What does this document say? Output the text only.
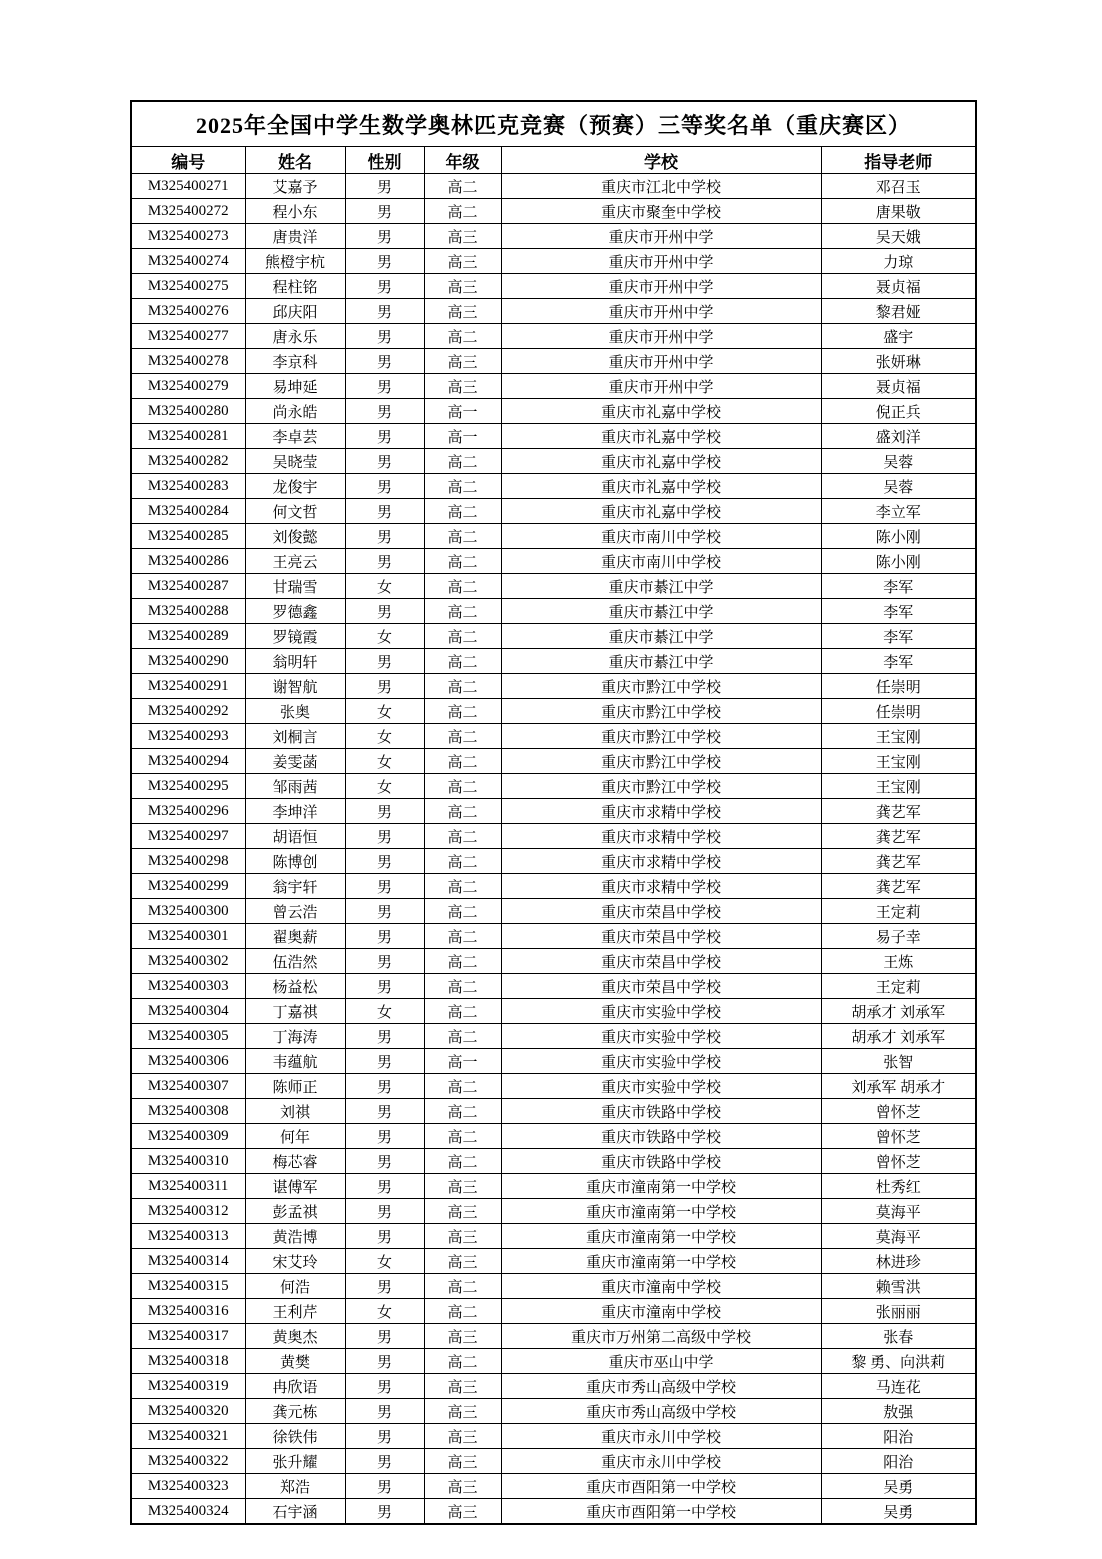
2025年全国中学生数学奥林匹克竞赛（预赛）三等奖名单（重庆赛区）					
编号	姓名	性别	年级	学校	指导老师
M325400271	艾嘉予	男	高二	重庆市江北中学校	邓召玉
M325400272	程小东	男	高二	重庆市聚奎中学校	唐果敬
M325400273	唐贵洋	男	高三	重庆市开州中学	吴天娥
M325400274	熊橙宇杭	男	高三	重庆市开州中学	力琼
M325400275	程柱铭	男	高三	重庆市开州中学	聂贞福
M325400276	邱庆阳	男	高三	重庆市开州中学	黎君娅
M325400277	唐永乐	男	高二	重庆市开州中学	盛宇
M325400278	李京科	男	高三	重庆市开州中学	张妍琳
M325400279	易坤延	男	高三	重庆市开州中学	聂贞福
M325400280	尚永皓	男	高一	重庆市礼嘉中学校	倪正兵
M325400281	李卓芸	男	高一	重庆市礼嘉中学校	盛刘洋
M325400282	吴晓莹	男	高二	重庆市礼嘉中学校	吴蓉
M325400283	龙俊宇	男	高二	重庆市礼嘉中学校	吴蓉
M325400284	何文哲	男	高二	重庆市礼嘉中学校	李立军
M325400285	刘俊懿	男	高二	重庆市南川中学校	陈小刚
M325400286	王亮云	男	高二	重庆市南川中学校	陈小刚
M325400287	甘瑞雪	女	高二	重庆市綦江中学	李军
M325400288	罗德鑫	男	高二	重庆市綦江中学	李军
M325400289	罗镜霞	女	高二	重庆市綦江中学	李军
M325400290	翁明轩	男	高二	重庆市綦江中学	李军
M325400291	谢智航	男	高二	重庆市黔江中学校	任崇明
M325400292	张奥	女	高二	重庆市黔江中学校	任崇明
M325400293	刘桐言	女	高二	重庆市黔江中学校	王宝刚
M325400294	姜雯菡	女	高二	重庆市黔江中学校	王宝刚
M325400295	邹雨茜	女	高二	重庆市黔江中学校	王宝刚
M325400296	李坤洋	男	高二	重庆市求精中学校	龚艺军
M325400297	胡语恒	男	高二	重庆市求精中学校	龚艺军
M325400298	陈博创	男	高二	重庆市求精中学校	龚艺军
M325400299	翁宇轩	男	高二	重庆市求精中学校	龚艺军
M325400300	曾云浩	男	高二	重庆市荣昌中学校	王定莉
M325400301	翟奥薪	男	高二	重庆市荣昌中学校	易子幸
M325400302	伍浩然	男	高二	重庆市荣昌中学校	王炼
M325400303	杨益松	男	高二	重庆市荣昌中学校	王定莉
M325400304	丁嘉祺	女	高二	重庆市实验中学校	胡承才 刘承军
M325400305	丁海涛	男	高二	重庆市实验中学校	胡承才 刘承军
M325400306	韦蕴航	男	高一	重庆市实验中学校	张智
M325400307	陈师正	男	高二	重庆市实验中学校	刘承军 胡承才
M325400308	刘祺	男	高二	重庆市铁路中学校	曾怀芝
M325400309	何年	男	高二	重庆市铁路中学校	曾怀芝
M325400310	梅芯睿	男	高二	重庆市铁路中学校	曾怀芝
M325400311	谌傅军	男	高三	重庆市潼南第一中学校	杜秀红
M325400312	彭孟祺	男	高三	重庆市潼南第一中学校	莫海平
M325400313	黄浩博	男	高三	重庆市潼南第一中学校	莫海平
M325400314	宋艾玲	女	高三	重庆市潼南第一中学校	林进珍
M325400315	何浩	男	高二	重庆市潼南中学校	赖雪洪
M325400316	王利芹	女	高二	重庆市潼南中学校	张丽丽
M325400317	黄奥杰	男	高三	重庆市万州第二高级中学校	张春
M325400318	黄樊	男	高二	重庆市巫山中学	黎 勇、向洪莉
M325400319	冉欣语	男	高三	重庆市秀山高级中学校	马连花
M325400320	龚元栋	男	高三	重庆市秀山高级中学校	敖强
M325400321	徐铁伟	男	高三	重庆市永川中学校	阳治
M325400322	张升耀	男	高三	重庆市永川中学校	阳治
M325400323	郑浩	男	高三	重庆市酉阳第一中学校	吴勇
M325400324	石宇涵	男	高三	重庆市酉阳第一中学校	吴勇
